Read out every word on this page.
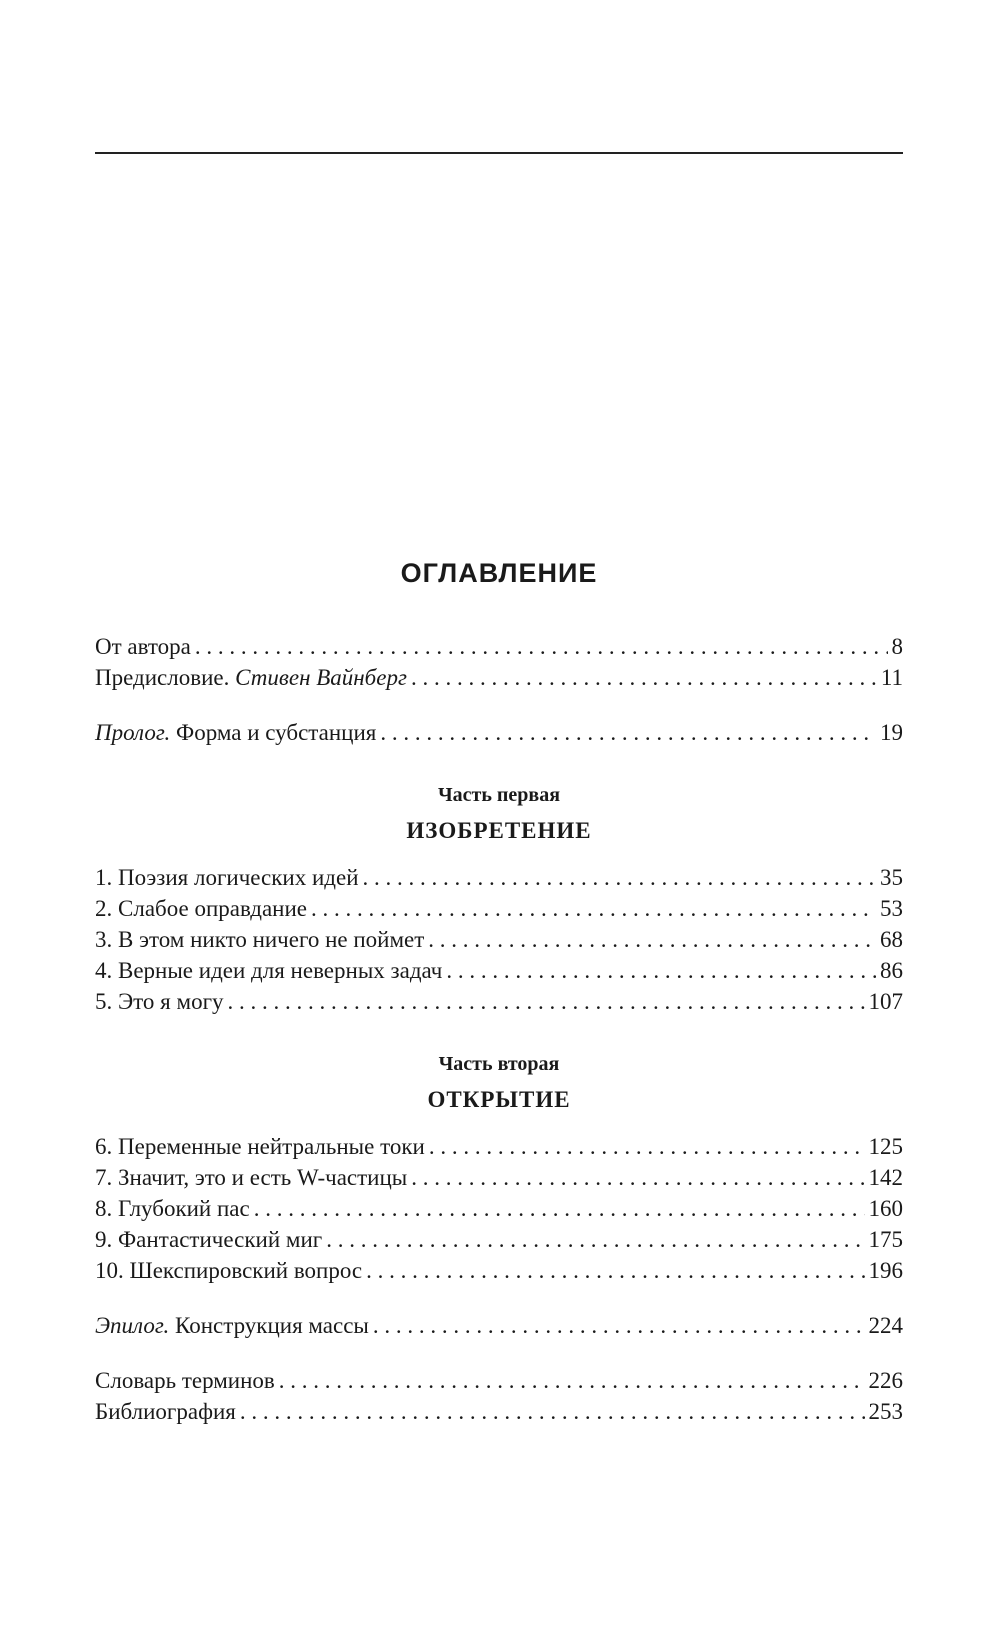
ОГЛАВЛЕНИЕ
От автора . . .	8
Предисловие. Стивен Вайнберг . . .	11
Пролог. Форма и субстанция . . .	19
Часть первая
ИЗОБРЕТЕНИЕ
1. Поэзия логических идей . . .	35
2. Слабое оправдание . . .	53
3. В этом никто ничего не поймет . . .	68
4. Верные идеи для неверных задач . . .	86
5. Это я могу . . .	107
Часть вторая
ОТКРЫТИЕ
6. Переменные нейтральные токи . . .	125
7. Значит, это и есть W-частицы . . .	142
8. Глубокий пас . . .	160
9. Фантастический миг . . .	175
10. Шекспировский вопрос . . .	196
Эпилог. Конструкция массы . . .	224
Словарь терминов . . .	226
Библиография . . .	253
